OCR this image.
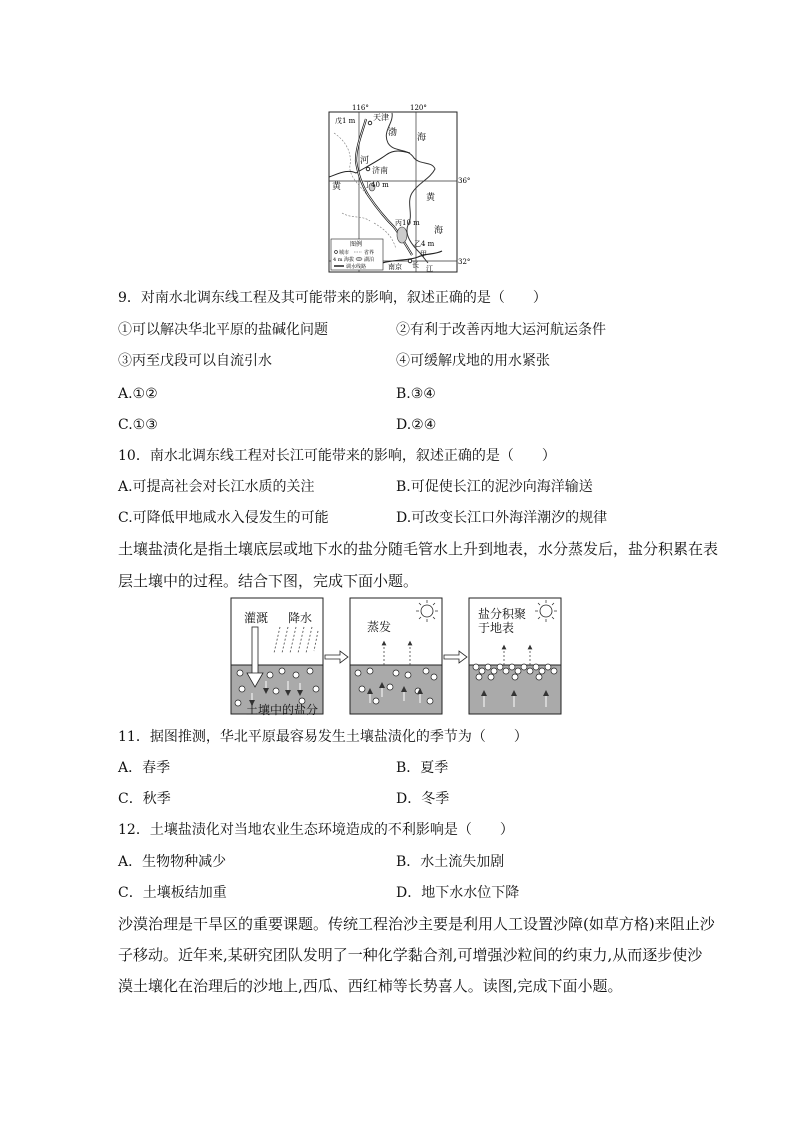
116°	120°
36°
32°
戊1 m 天津
渤 海
河
济南
丁40 m
黄
黄
海
丙10 m
乙4 m
甲
南京 长 江
图例
城市	省界
4 m 海拔 湖泊
调水线路
9．对南水北调东线工程及其可能带来的影响，叙述正确的是（　　）
①可以解决华北平原的盐碱化问题	②有利于改善丙地大运河航运条件
③丙至戊段可以自流引水	④可缓解戊地的用水紧张
A.①②	B.③④
C.①③	D.②④
10．南水北调东线工程对长江可能带来的影响，叙述正确的是（　　）
A.可提高社会对长江水质的关注	B.可促使长江的泥沙向海洋输送
C.可降低甲地咸水入侵发生的可能	D.可改变长江口外海洋潮汐的规律
土壤盐渍化是指土壤底层或地下水的盐分随毛管水上升到地表，水分蒸发后，盐分积累在表
层土壤中的过程。结合下图，完成下面小题。
灌溉 降水
土壤中的盐分
蒸发
盐分积聚
于地表
11．据图推测，华北平原最容易发生土壤盐渍化的季节为（　　）
A．春季	B．夏季
C．秋季	D．冬季
12．土壤盐渍化对当地农业生态环境造成的不利影响是（　　）
A．生物物种减少	B．水土流失加剧
C．土壤板结加重	D．地下水水位下降
沙漠治理是干旱区的重要课题。传统工程治沙主要是利用人工设置沙障(如草方格)来阻止沙
子移动。近年来,某研究团队发明了一种化学黏合剂,可增强沙粒间的约束力,从而逐步使沙
漠土壤化在治理后的沙地上,西瓜、西红柿等长势喜人。读图,完成下面小题。
